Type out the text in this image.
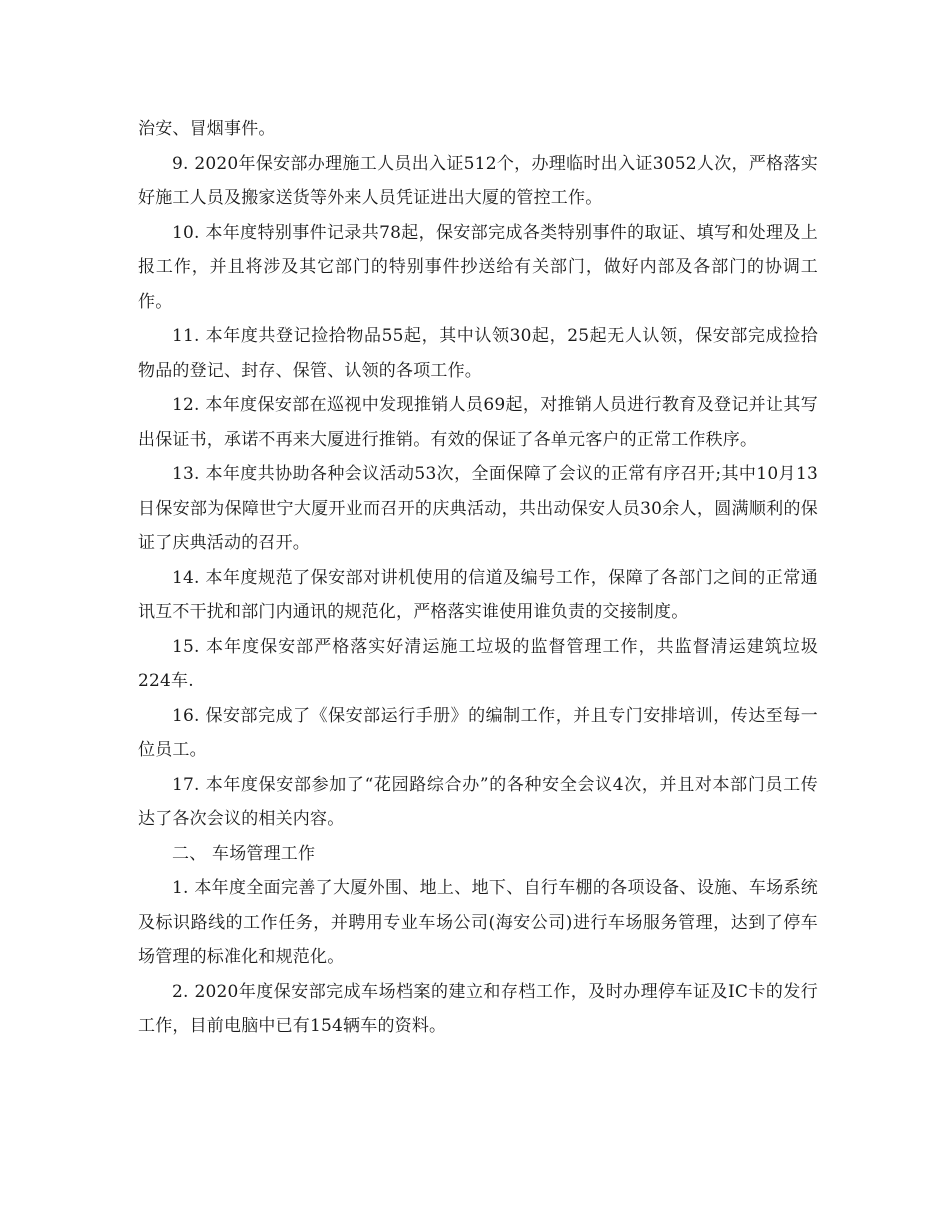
治安、冒烟事件。

9. 2020年保安部办理施工人员出入证512个，办理临时出入证3052人次，严格落实好施工人员及搬家送货等外来人员凭证进出大厦的管控工作。

10. 本年度特别事件记录共78起，保安部完成各类特别事件的取证、填写和处理及上报工作，并且将涉及其它部门的特别事件抄送给有关部门，做好内部及各部门的协调工作。

11. 本年度共登记捡拾物品55起，其中认领30起，25起无人认领，保安部完成捡拾物品的登记、封存、保管、认领的各项工作。

12. 本年度保安部在巡视中发现推销人员69起，对推销人员进行教育及登记并让其写出保证书，承诺不再来大厦进行推销。有效的保证了各单元客户的正常工作秩序。

13. 本年度共协助各种会议活动53次，全面保障了会议的正常有序召开;其中10月13日保安部为保障世宁大厦开业而召开的庆典活动，共出动保安人员30余人，圆满顺利的保证了庆典活动的召开。

14. 本年度规范了保安部对讲机使用的信道及编号工作，保障了各部门之间的正常通讯互不干扰和部门内通讯的规范化，严格落实谁使用谁负责的交接制度。

15. 本年度保安部严格落实好清运施工垃圾的监督管理工作，共监督清运建筑垃圾224车.

16. 保安部完成了《保安部运行手册》的编制工作，并且专门安排培训，传达至每一位员工。

17. 本年度保安部参加了“花园路综合办”的各种安全会议4次，并且对本部门员工传达了各次会议的相关内容。

二、 车场管理工作

1. 本年度全面完善了大厦外围、地上、地下、自行车棚的各项设备、设施、车场系统及标识路线的工作任务，并聘用专业车场公司(海安公司)进行车场服务管理，达到了停车场管理的标准化和规范化。

2. 2020年度保安部完成车场档案的建立和存档工作，及时办理停车证及IC卡的发行工作，目前电脑中已有154辆车的资料。
